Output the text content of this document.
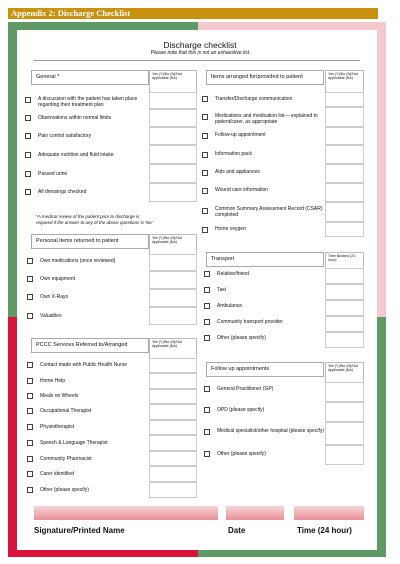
Appendix 2: Discharge Checklist
Discharge checklist
Please note that this is not an exhaustive list
General *	Yes (Y)/No (N)/Not Applicable (NA)
A discussion with the patient has taken place regarding their treatment plan
Observations within normal limits
Pain control satisfactory
Adequate nutrition and fluid intake
Passed urine
All dressings checked
*A medical review of the patient prior to discharge is required if the answer to any of the above questions is 'No'
Personal items returned to patient	Yes (Y)/No (N)/Not Applicable (NA)
Own medications (once reviewed)
Own equipment
Own X-Rays
Valuables
PCCC Services Referred to/Arranged	Yes (Y)/No (N)/Not Applicable (NA)
Contact made with Public Health Nurse
Home Help
Meals on Wheels
Occupational Therapist
Physiotherapist
Speech & Language Therapist
Community Pharmacist
Carer identified
Other (please specify)
Items arranged for/provided to patient	Yes (Y)/No (N)/Not Applicable (NA)
Transfer/Discharge communication
Medications and medication list— explained to patient/carer, as appropriate
Follow-up appointment
Information pack
Aids and appliances
Wound care information
Common Summary Assessment Record (CSAR) completed
Home oxygen
Transport	Time Booked (24 hour)
Relative/friend
Taxi
Ambulance
Community transport provider
Other (please specify)
Follow up appointments	Yes (Y)/No (N)/Not Applicable (NA)
General Practitioner (GP)
OPD (please specify)
Medical specialist/other hospital (please specify)
Other (please specify)
Signature/Printed Name	Date	Time (24 hour)
